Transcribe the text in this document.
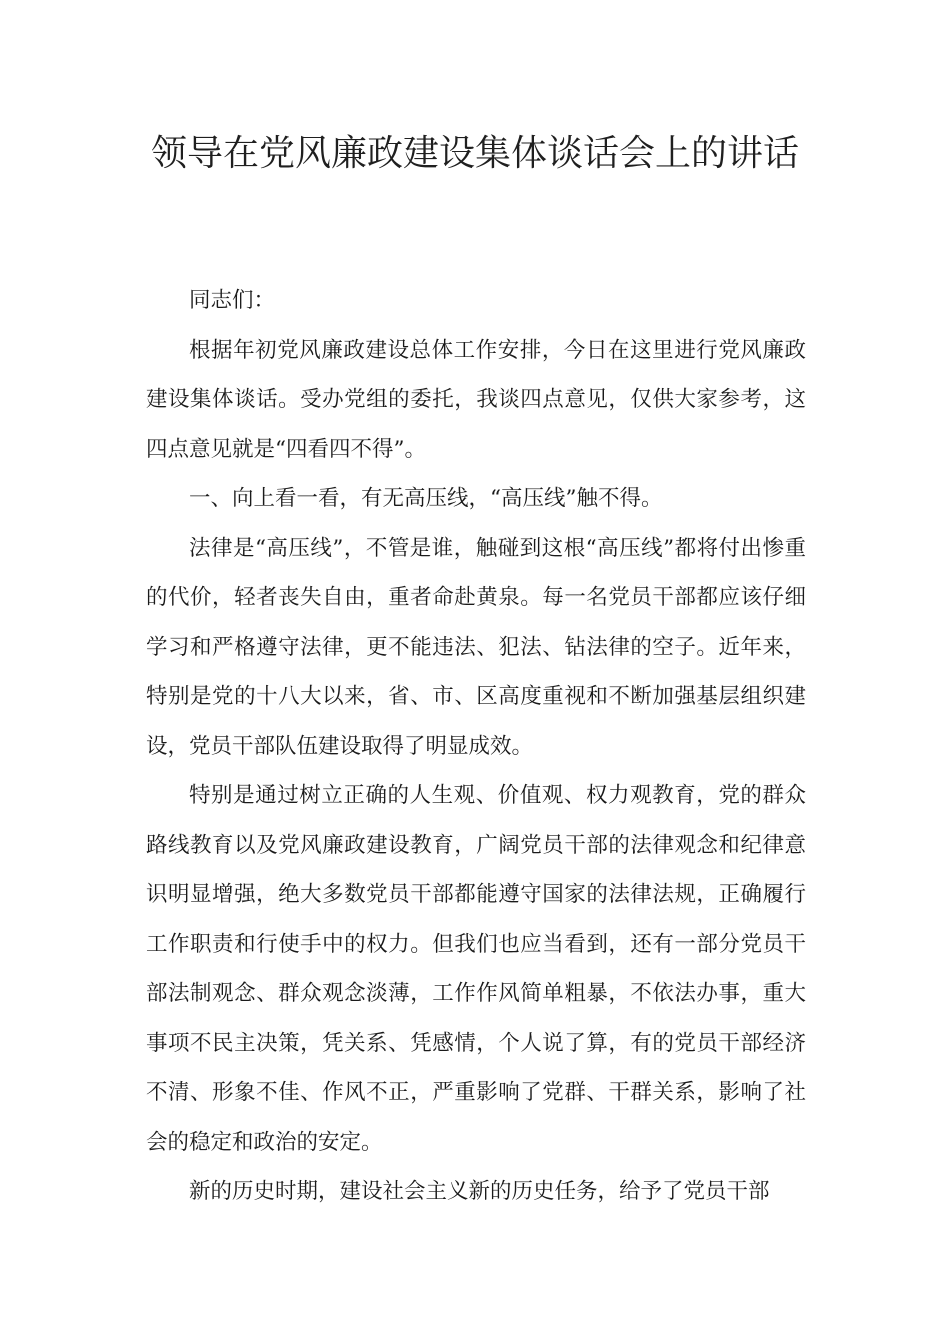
领导在党风廉政建设集体谈话会上的讲话

同志们：

根据年初党风廉政建设总体工作安排，今日在这里进行党风廉政建设集体谈话。受办党组的委托，我谈四点意见，仅供大家参考，这四点意见就是“四看四不得”。

一、向上看一看，有无高压线，“高压线”触不得。

法律是“高压线”，不管是谁，触碰到这根“高压线”都将付出惨重的代价，轻者丧失自由，重者命赴黄泉。每一名党员干部都应该仔细学习和严格遵守法律，更不能违法、犯法、钻法律的空子。近年来，特别是党的十八大以来，省、市、区高度重视和不断加强基层组织建设，党员干部队伍建设取得了明显成效。

特别是通过树立正确的人生观、价值观、权力观教育，党的群众路线教育以及党风廉政建设教育，广阔党员干部的法律观念和纪律意识明显增强，绝大多数党员干部都能遵守国家的法律法规，正确履行工作职责和行使手中的权力。但我们也应当看到，还有一部分党员干部法制观念、群众观念淡薄，工作作风简单粗暴，不依法办事，重大事项不民主决策，凭关系、凭感情，个人说了算，有的党员干部经济不清、形象不佳、作风不正，严重影响了党群、干群关系，影响了社会的稳定和政治的安定。

新的历史时期，建设社会主义新的历史任务，给予了党员干部
